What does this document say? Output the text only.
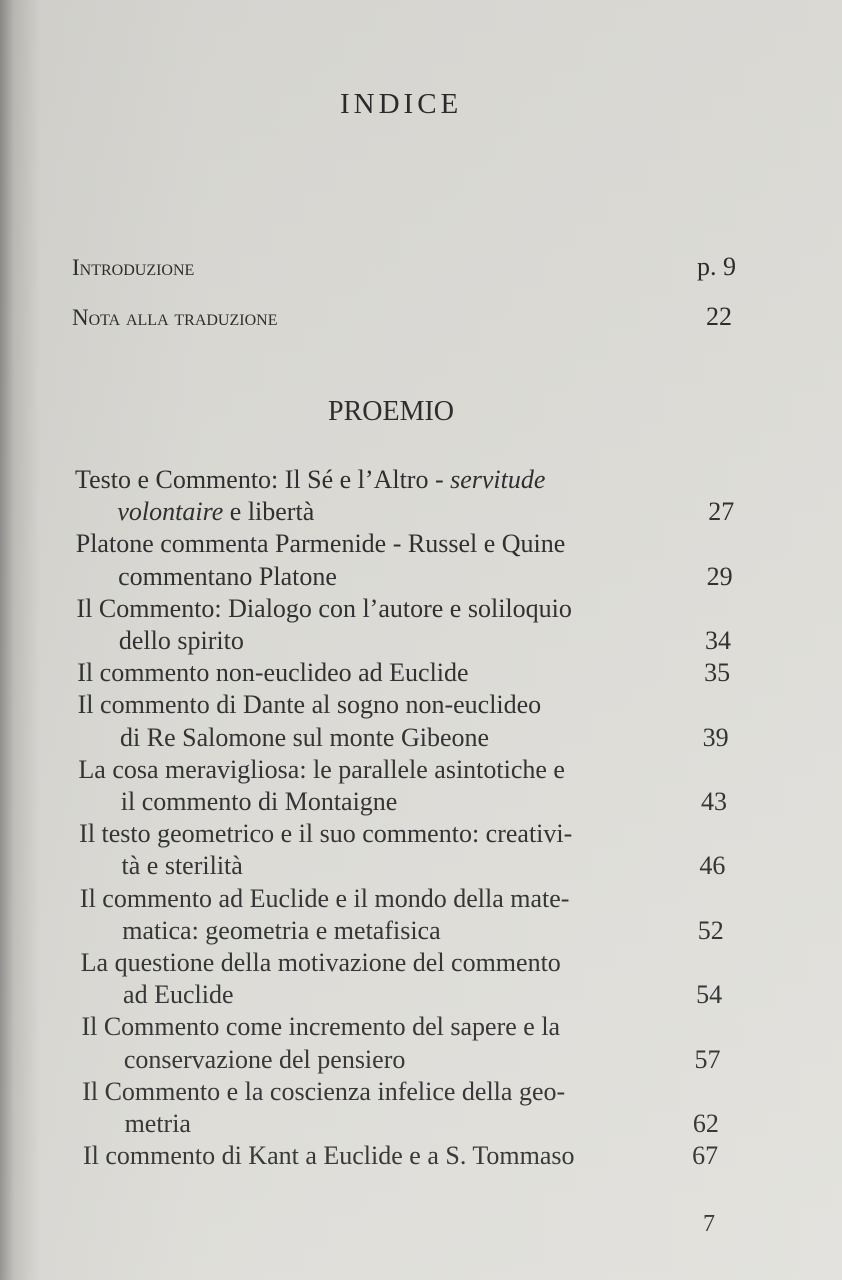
INDICE
Introduzione	p. 9
Nota alla traduzione	22
PROEMIO
Testo e Commento: Il Sé e l’Altro - servitude
volontaire e libertà	27
Platone commenta Parmenide - Russel e Quine
commentano Platone	29
Il Commento: Dialogo con l’autore e soliloquio
dello spirito	34
Il commento non-euclideo ad Euclide	35
Il commento di Dante al sogno non-euclideo
di Re Salomone sul monte Gibeone	39
La cosa meravigliosa: le parallele asintotiche e
il commento di Montaigne	43
Il testo geometrico e il suo commento: creativi-
tà e sterilità	46
Il commento ad Euclide e il mondo della mate-
matica: geometria e metafisica	52
La questione della motivazione del commento
ad Euclide	54
Il Commento come incremento del sapere e la
conservazione del pensiero	57
Il Commento e la coscienza infelice della geo-
metria	62
Il commento di Kant a Euclide e a S. Tommaso	67
7
